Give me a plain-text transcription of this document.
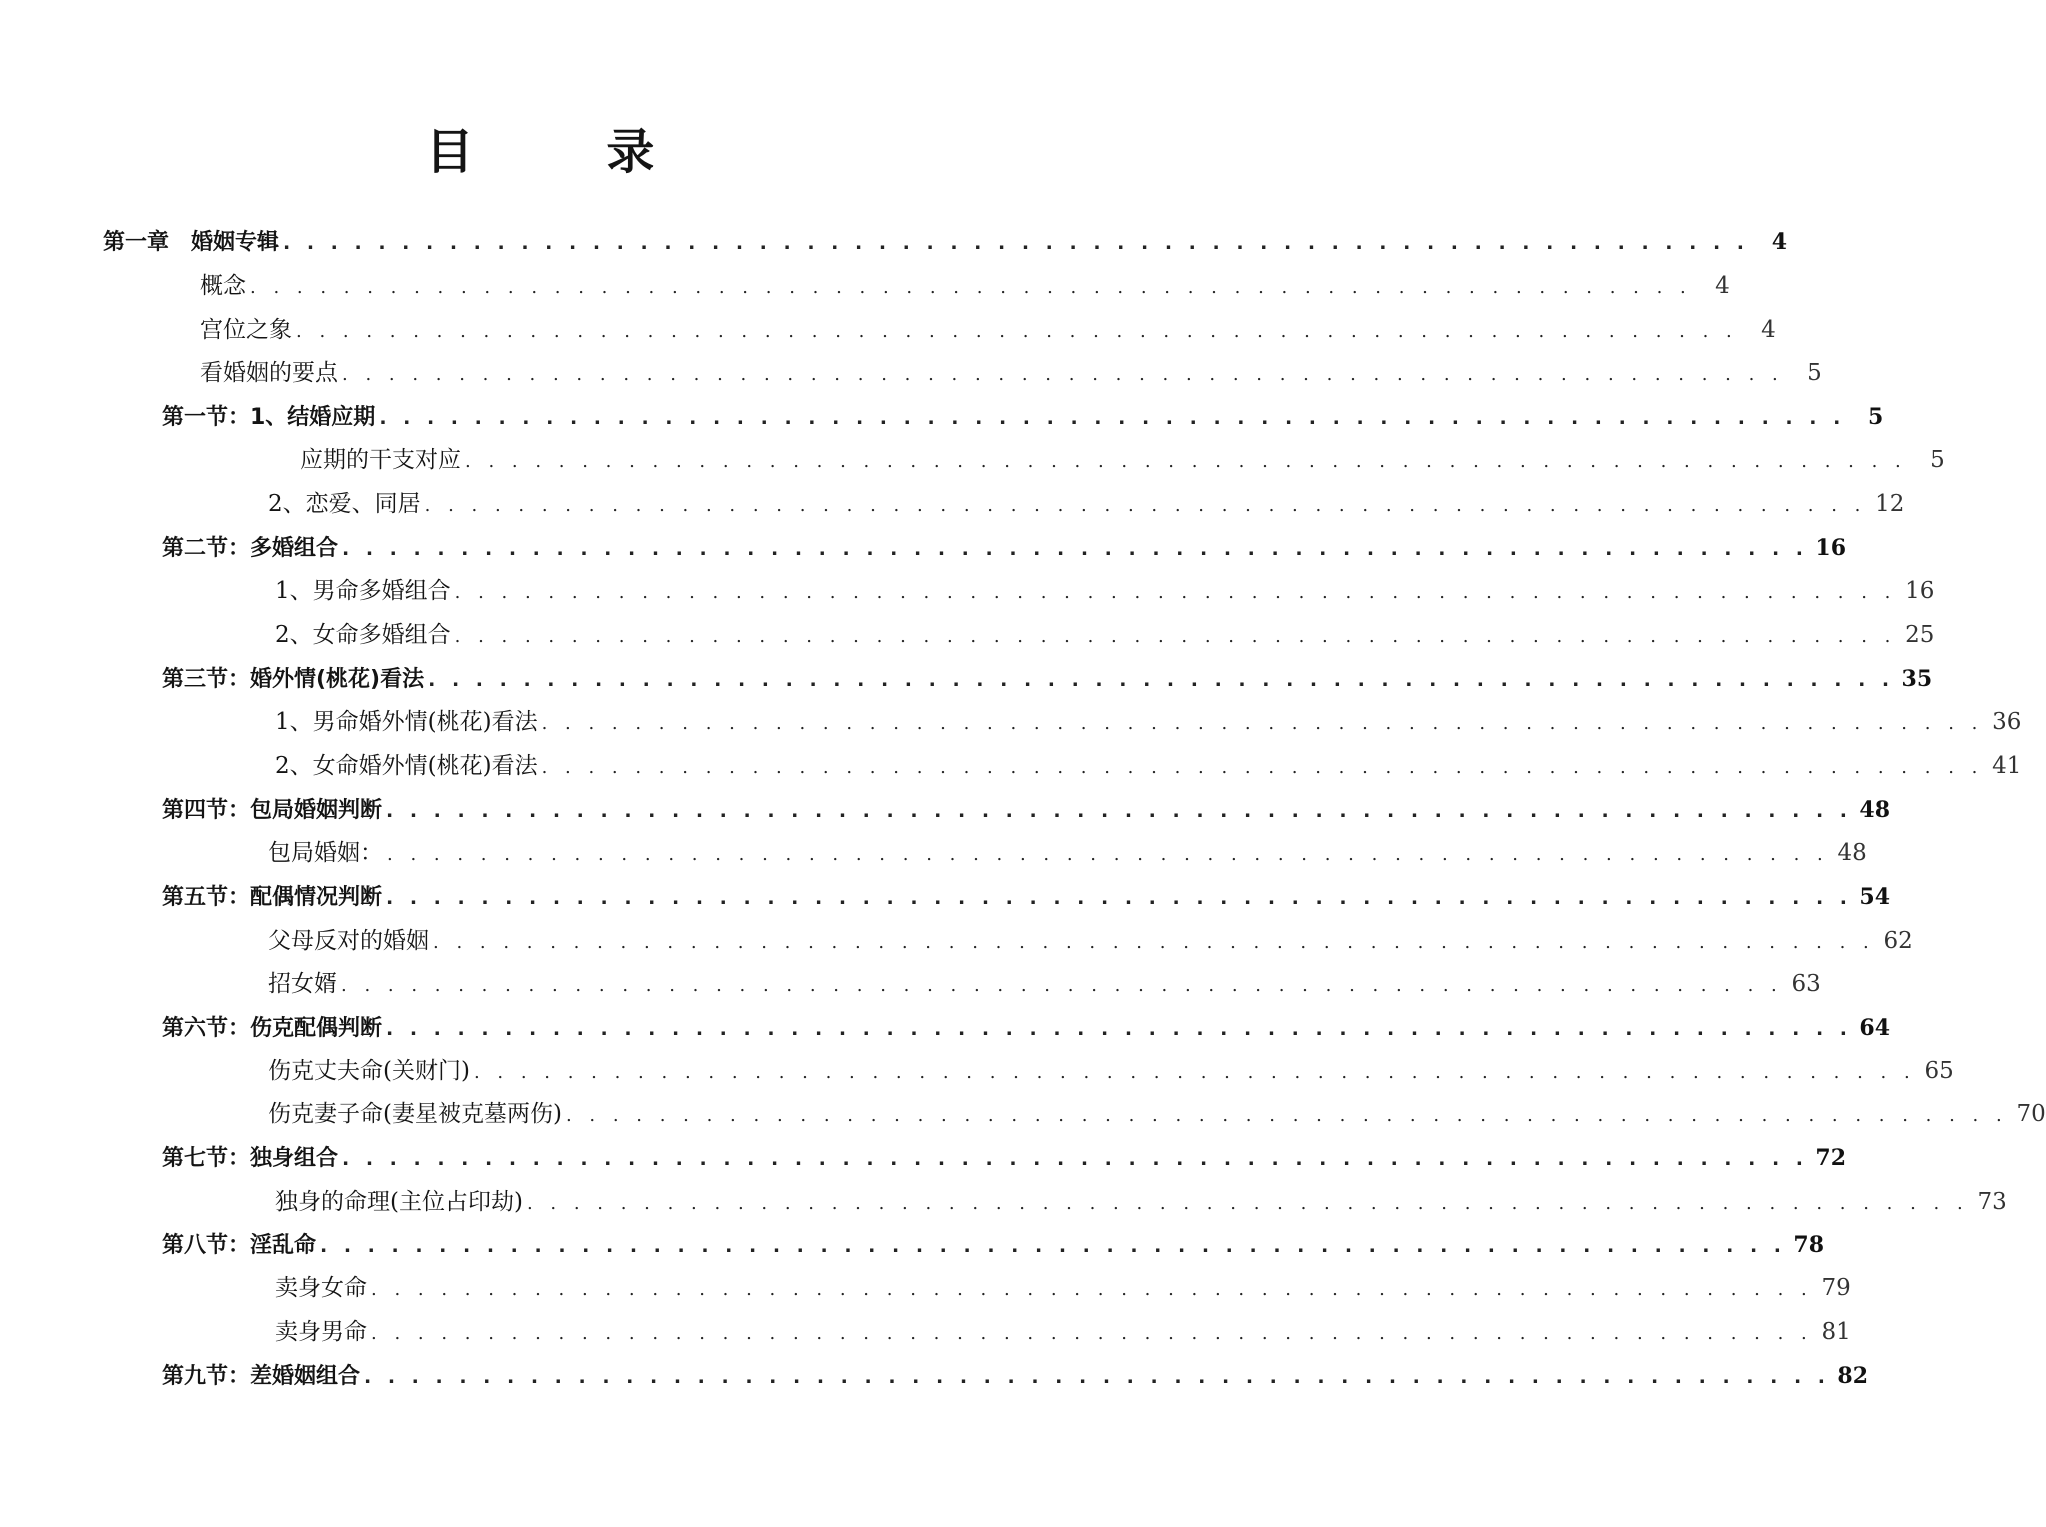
目 录
第一章　婚姻专辑 . . . . . . . . . . . . . . . . . . . . . . . . . . . . . . . . . . . . . . . . . . . . . . . . . . . . . . . . . . . . . .	4
概念 . . . . . . . . . . . . . . . . . . . . . . . . . . . . . . . . . . . . . . . . . . . . . . . . . . . . . . . . . . . . . .	4
宫位之象 . . . . . . . . . . . . . . . . . . . . . . . . . . . . . . . . . . . . . . . . . . . . . . . . . . . . . . . . . . . . . .	4
看婚姻的要点 . . . . . . . . . . . . . . . . . . . . . . . . . . . . . . . . . . . . . . . . . . . . . . . . . . . . . . . . . . . . . .	5
第一节：1、结婚应期 . . . . . . . . . . . . . . . . . . . . . . . . . . . . . . . . . . . . . . . . . . . . . . . . . . . . . . . . . . . . . .	5
应期的干支对应 . . . . . . . . . . . . . . . . . . . . . . . . . . . . . . . . . . . . . . . . . . . . . . . . . . . . . . . . . . . . . .	5
2、恋爱、同居 . . . . . . . . . . . . . . . . . . . . . . . . . . . . . . . . . . . . . . . . . . . . . . . . . . . . . . . . . . . . . . 12
第二节：多婚组合 . . . . . . . . . . . . . . . . . . . . . . . . . . . . . . . . . . . . . . . . . . . . . . . . . . . . . . . . . . . . . . 16
1、男命多婚组合 . . . . . . . . . . . . . . . . . . . . . . . . . . . . . . . . . . . . . . . . . . . . . . . . . . . . . . . . . . . . . . 16
2、女命多婚组合 . . . . . . . . . . . . . . . . . . . . . . . . . . . . . . . . . . . . . . . . . . . . . . . . . . . . . . . . . . . . . . 25
第三节：婚外情(桃花)看法 . . . . . . . . . . . . . . . . . . . . . . . . . . . . . . . . . . . . . . . . . . . . . . . . . . . . . . . . . . . . . . 35
1、男命婚外情(桃花)看法 . . . . . . . . . . . . . . . . . . . . . . . . . . . . . . . . . . . . . . . . . . . . . . . . . . . . . . . . . . . . . . 36
2、女命婚外情(桃花)看法 . . . . . . . . . . . . . . . . . . . . . . . . . . . . . . . . . . . . . . . . . . . . . . . . . . . . . . . . . . . . . . 41
第四节：包局婚姻判断 . . . . . . . . . . . . . . . . . . . . . . . . . . . . . . . . . . . . . . . . . . . . . . . . . . . . . . . . . . . . . . 48
包局婚姻： . . . . . . . . . . . . . . . . . . . . . . . . . . . . . . . . . . . . . . . . . . . . . . . . . . . . . . . . . . . . . . 48
第五节：配偶情况判断 . . . . . . . . . . . . . . . . . . . . . . . . . . . . . . . . . . . . . . . . . . . . . . . . . . . . . . . . . . . . . . 54
父母反对的婚姻 . . . . . . . . . . . . . . . . . . . . . . . . . . . . . . . . . . . . . . . . . . . . . . . . . . . . . . . . . . . . . . 62
招女婿 . . . . . . . . . . . . . . . . . . . . . . . . . . . . . . . . . . . . . . . . . . . . . . . . . . . . . . . . . . . . . . 63
第六节：伤克配偶判断 . . . . . . . . . . . . . . . . . . . . . . . . . . . . . . . . . . . . . . . . . . . . . . . . . . . . . . . . . . . . . . 64
伤克丈夫命(关财门) . . . . . . . . . . . . . . . . . . . . . . . . . . . . . . . . . . . . . . . . . . . . . . . . . . . . . . . . . . . . . . 65
伤克妻子命(妻星被克墓两伤) . . . . . . . . . . . . . . . . . . . . . . . . . . . . . . . . . . . . . . . . . . . . . . . . . . . . . . . . . . . . . . 70
第七节：独身组合 . . . . . . . . . . . . . . . . . . . . . . . . . . . . . . . . . . . . . . . . . . . . . . . . . . . . . . . . . . . . . . 72
独身的命理(主位占印劫) . . . . . . . . . . . . . . . . . . . . . . . . . . . . . . . . . . . . . . . . . . . . . . . . . . . . . . . . . . . . . . 73
第八节：淫乱命 . . . . . . . . . . . . . . . . . . . . . . . . . . . . . . . . . . . . . . . . . . . . . . . . . . . . . . . . . . . . . . 78
卖身女命 . . . . . . . . . . . . . . . . . . . . . . . . . . . . . . . . . . . . . . . . . . . . . . . . . . . . . . . . . . . . . . 79
卖身男命 . . . . . . . . . . . . . . . . . . . . . . . . . . . . . . . . . . . . . . . . . . . . . . . . . . . . . . . . . . . . . . 81
第九节：差婚姻组合 . . . . . . . . . . . . . . . . . . . . . . . . . . . . . . . . . . . . . . . . . . . . . . . . . . . . . . . . . . . . . . 82
